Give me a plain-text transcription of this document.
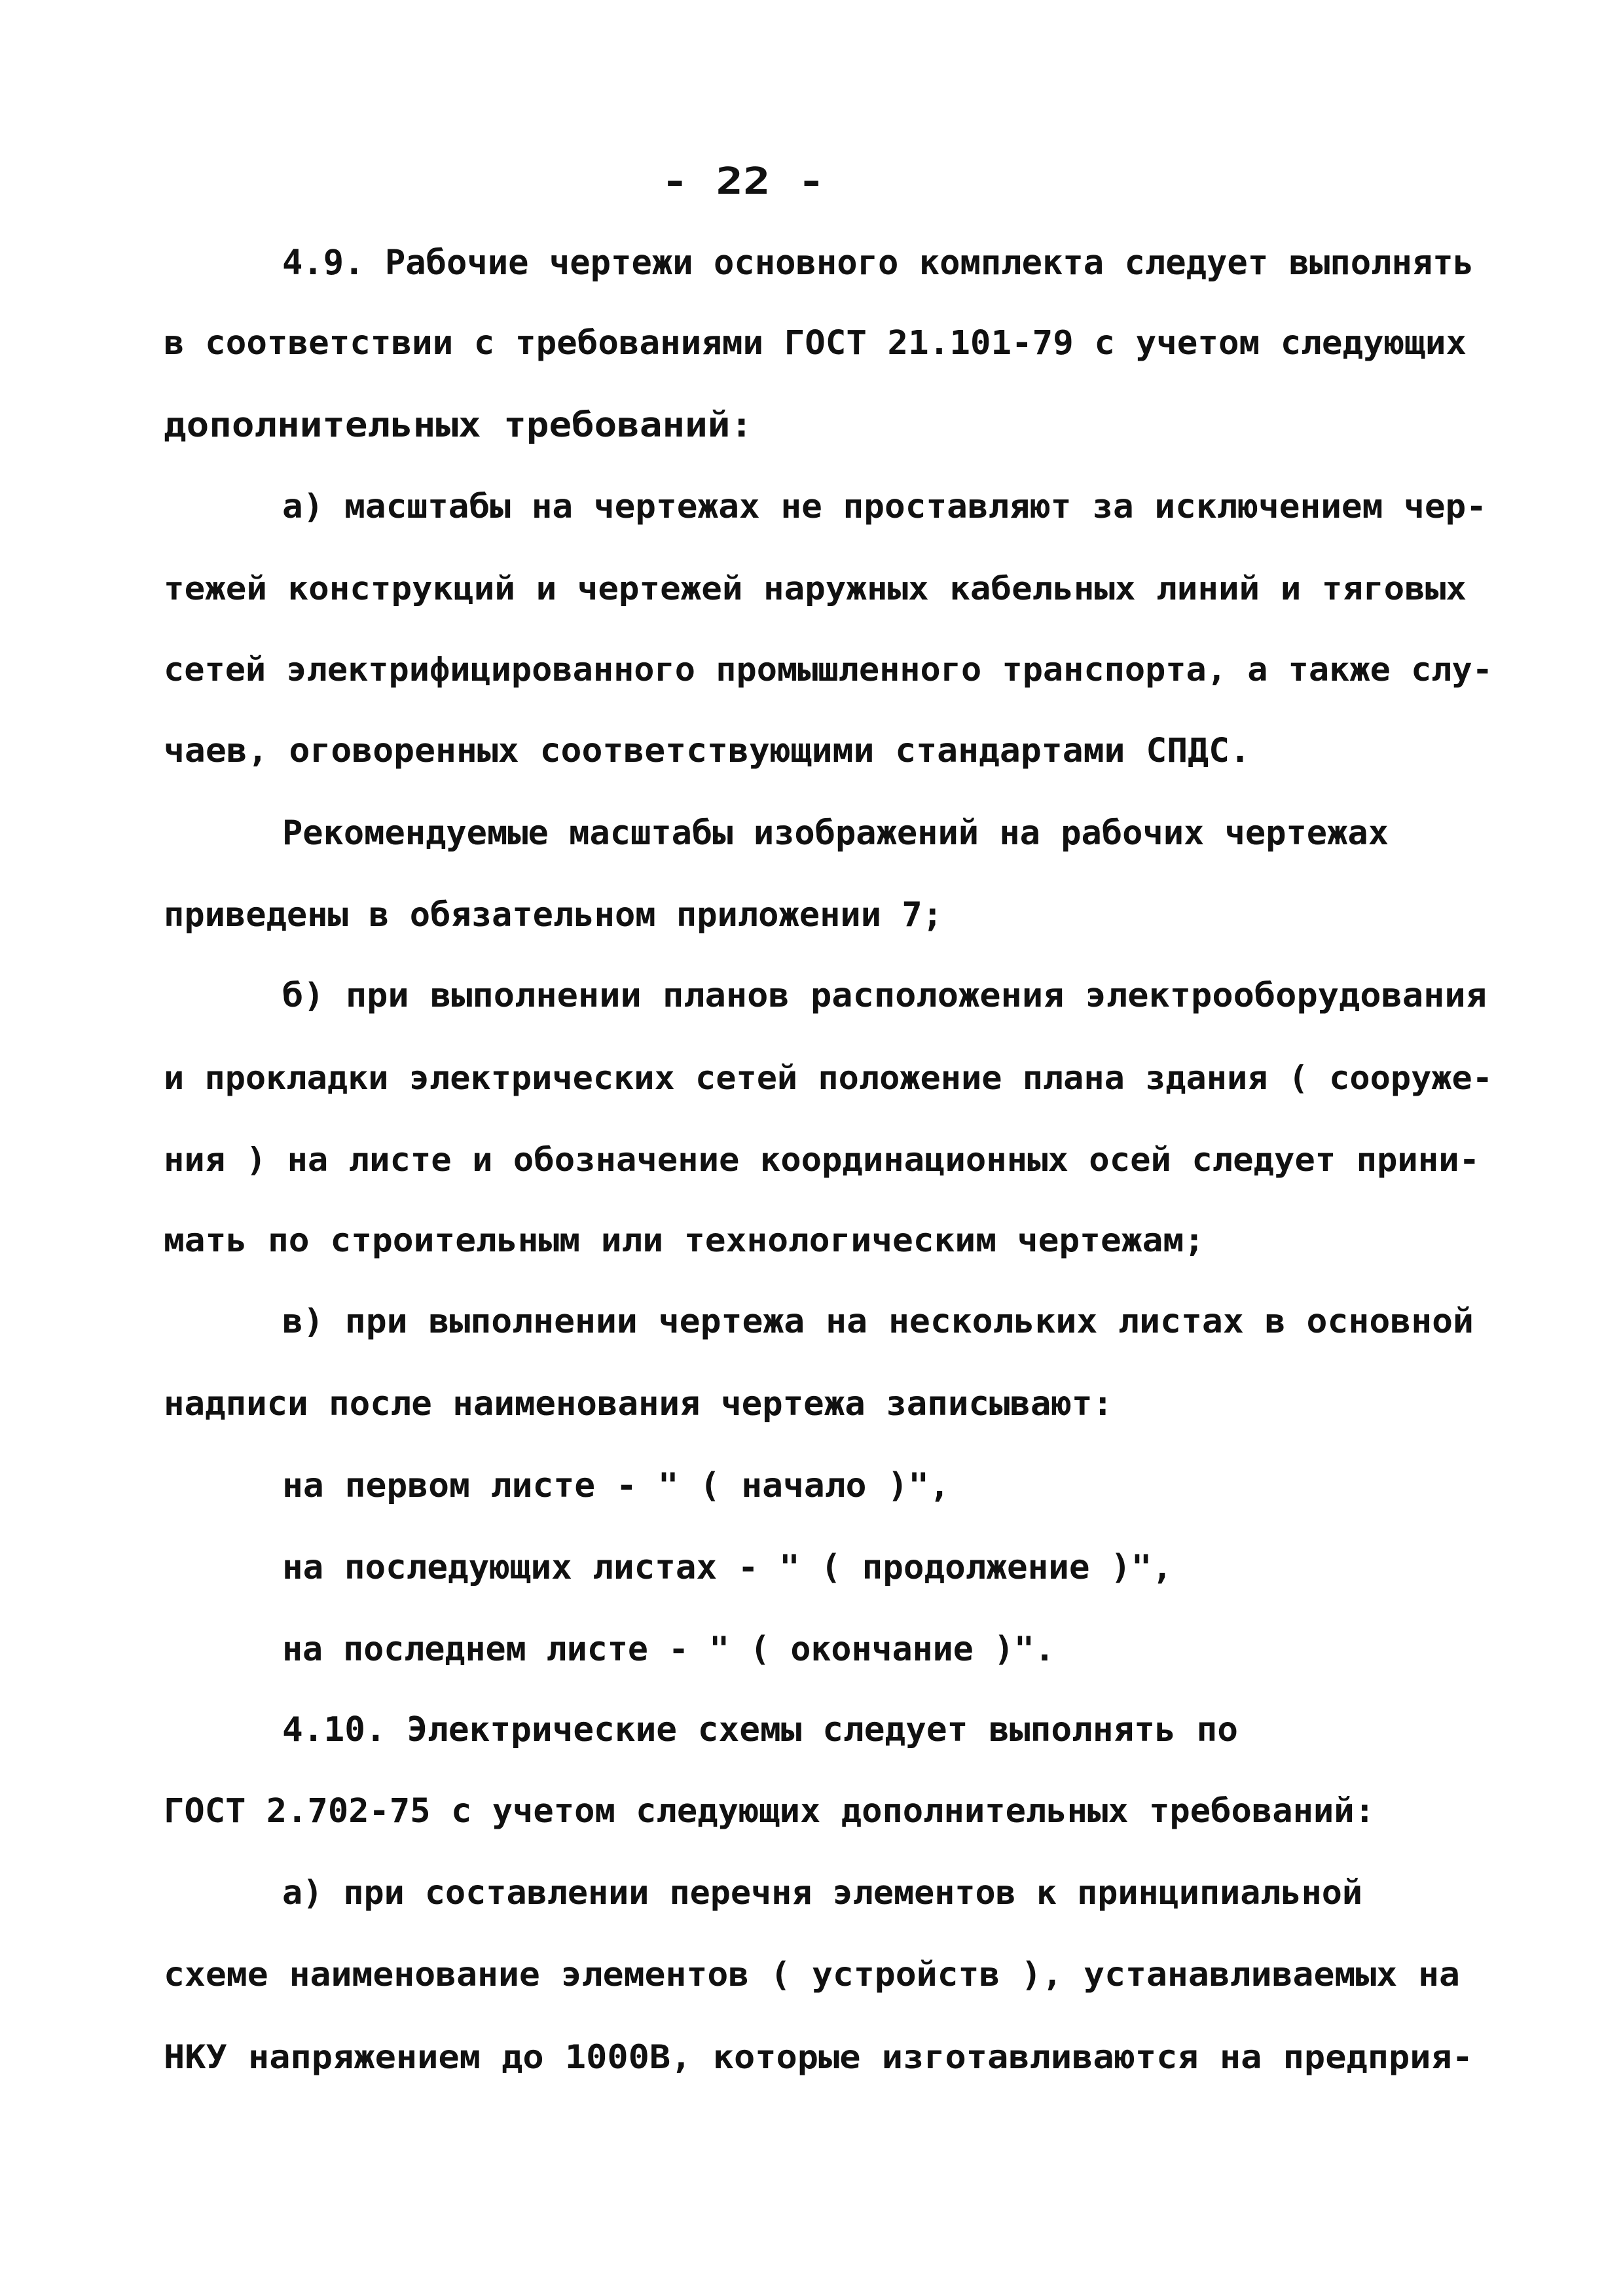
- 22 -
4.9. Рабочие чертежи основного комплекта следует выполнять
в соответствии с требованиями ГОСТ 21.101-79 с учетом следующих
дополнительных требований:
а) масштабы на чертежах не проставляют за исключением чер-
тежей конструкций и чертежей наружных кабельных линий и тяговых
сетей электрифицированного промышленного транспорта, а также слу-
чаев, оговоренных соответствующими стандартами СПДС.
Рекомендуемые масштабы изображений на рабочих чертежах
приведены в обязательном приложении 7;
б) при выполнении планов расположения электрооборудования
и прокладки электрических сетей положение плана здания ( сооруже-
ния ) на листе и обозначение координационных осей следует прини-
мать по строительным или технологическим чертежам;
в) при выполнении чертежа на нескольких листах в основной
надписи после наименования чертежа записывают:
на первом листе - " ( начало )",
на последующих листах - " ( продолжение )",
на последнем листе - " ( окончание )".
4.10. Электрические схемы следует выполнять по
ГОСТ 2.702-75 с учетом следующих дополнительных требований:
а) при составлении перечня элементов к принципиальной
схеме наименование элементов ( устройств ), устанавливаемых на
НКУ напряжением до 1000В, которые изготавливаются на предприя-
